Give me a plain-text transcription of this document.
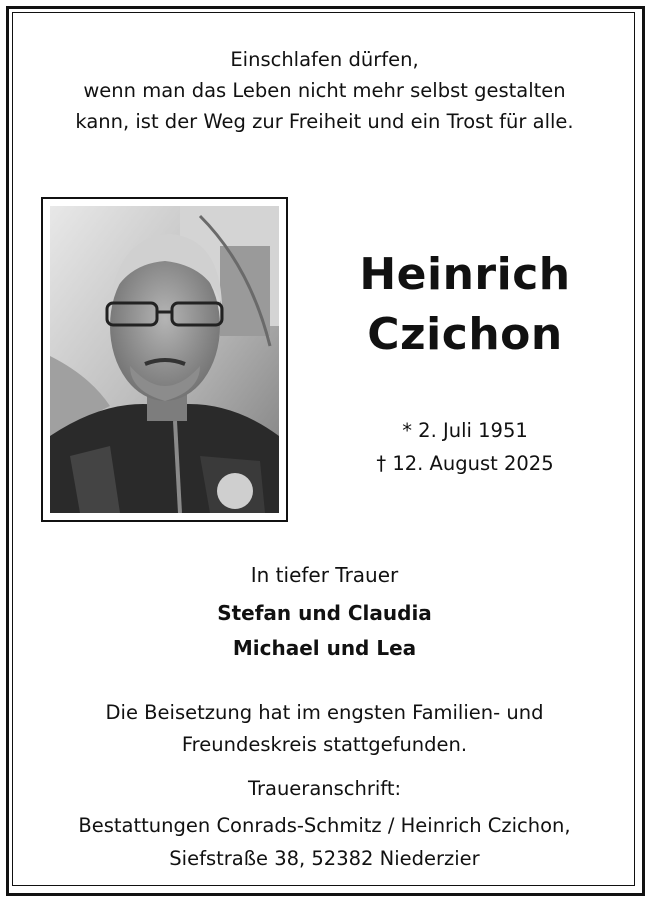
Einschlafen dürfen,
wenn man das Leben nicht mehr selbst gestalten
kann, ist der Weg zur Freiheit und ein Trost für alle.
Heinrich
Czichon
* 2. Juli 1951
† 12. August 2025
In tiefer Trauer
Stefan und Claudia
Michael und Lea
Die Beisetzung hat im engsten Familien- und
Freundeskreis stattgefunden.
Traueranschrift:
Bestattungen Conrads-Schmitz / Heinrich Czichon,
Siefstraße 38, 52382 Niederzier
